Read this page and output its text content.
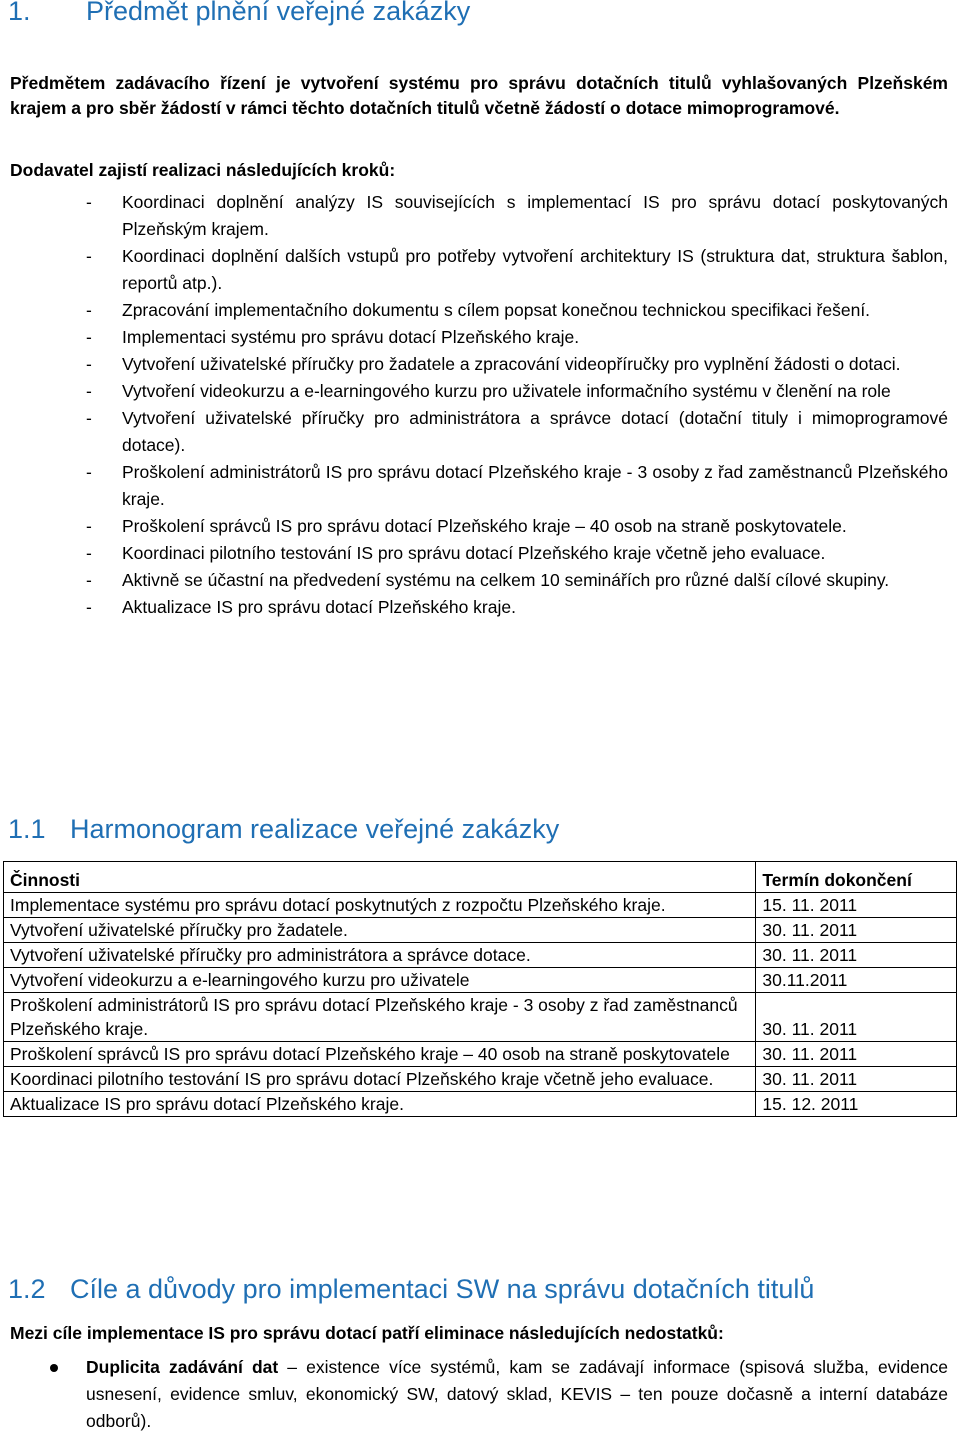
1. Předmět plnění veřejné zakázky
Předmětem zadávacího řízení je vytvoření systému pro správu dotačních titulů vyhlašovaných Plzeňském krajem a pro sběr žádostí v rámci těchto dotačních titulů včetně žádostí o dotace mimoprogramové.
Dodavatel zajistí realizaci následujících kroků:
- Koordinaci doplnění analýzy IS souvisejících s implementací IS pro správu dotací poskytovaných Plzeňským krajem.
- Koordinaci doplnění dalších vstupů pro potřeby vytvoření architektury IS (struktura dat, struktura šablon, reportů atp.).
- Zpracování implementačního dokumentu s cílem popsat konečnou technickou specifikaci řešení.
- Implementaci systému pro správu dotací Plzeňského kraje.
- Vytvoření uživatelské příručky pro žadatele a zpracování videopříručky pro vyplnění žádosti o dotaci.
- Vytvoření videokurzu a e-learningového kurzu pro uživatele informačního systému v členění na role
- Vytvoření uživatelské příručky pro administrátora a správce dotací (dotační tituly i mimoprogramové dotace).
- Proškolení administrátorů IS pro správu dotací Plzeňského kraje - 3 osoby z řad zaměstnanců Plzeňského kraje.
- Proškolení správců IS pro správu dotací Plzeňského kraje – 40 osob na straně poskytovatele.
- Koordinaci pilotního testování IS pro správu dotací Plzeňského kraje včetně jeho evaluace.
- Aktivně se účastní na předvedení systému na celkem 10 seminářích pro různé další cílové skupiny.
- Aktualizace IS pro správu dotací Plzeňského kraje.
1.1 Harmonogram realizace veřejné zakázky
Činnosti	Termín dokončení
Implementace systému pro správu dotací poskytnutých z rozpočtu Plzeňského kraje.	15. 11. 2011
Vytvoření uživatelské příručky pro žadatele.	30. 11. 2011
Vytvoření uživatelské příručky pro administrátora a správce dotace.	30. 11. 2011
Vytvoření videokurzu a e-learningového kurzu pro uživatele	30.11.2011
Proškolení administrátorů IS pro správu dotací Plzeňského kraje - 3 osoby z řad zaměstnanců Plzeňského kraje.	30. 11. 2011
Proškolení správců IS pro správu dotací Plzeňského kraje – 40 osob na straně poskytovatele	30. 11. 2011
Koordinaci pilotního testování IS pro správu dotací Plzeňského kraje včetně jeho evaluace.	30. 11. 2011
Aktualizace IS pro správu dotací Plzeňského kraje.	15. 12. 2011
1.2 Cíle a důvody pro implementaci SW na správu dotačních titulů
Mezi cíle implementace IS pro správu dotací patří eliminace následujících nedostatků:
Duplicita zadávání dat – existence více systémů, kam se zadávají informace (spisová služba, evidence usnesení, evidence smluv, ekonomický SW, datový sklad, KEVIS – ten pouze dočasně a interní databáze odborů).
